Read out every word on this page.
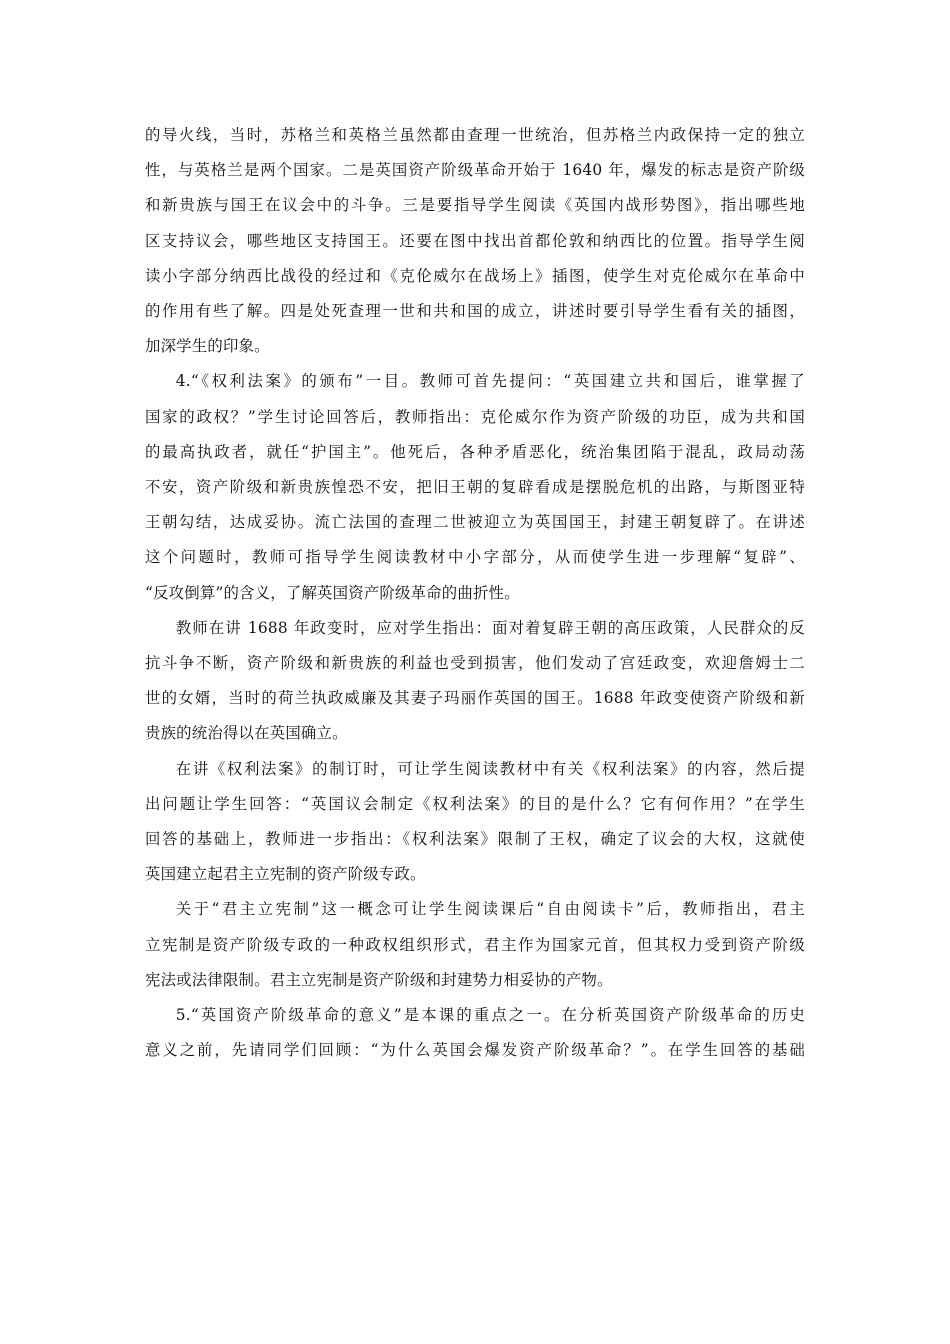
的导火线，当时，苏格兰和英格兰虽然都由查理一世统治，但苏格兰内政保持一定的独立
性，与英格兰是两个国家。二是英国资产阶级革命开始于 1640 年，爆发的标志是资产阶级
和新贵族与国王在议会中的斗争。三是要指导学生阅读《英国内战形势图》，指出哪些地
区支持议会，哪些地区支持国王。还要在图中找出首都伦敦和纳西比的位置。指导学生阅
读小字部分纳西比战役的经过和《克伦威尔在战场上》插图，使学生对克伦威尔在革命中
的作用有些了解。四是处死查理一世和共和国的成立，讲述时要引导学生看有关的插图，
加深学生的印象。

4.“《权利法案》的颁布”一目。教师可首先提问：“英国建立共和国后，谁掌握了
国家的政权？”学生讨论回答后，教师指出：克伦威尔作为资产阶级的功臣，成为共和国
的最高执政者，就任“护国主”。他死后，各种矛盾恶化，统治集团陷于混乱，政局动荡
不安，资产阶级和新贵族惶恐不安，把旧王朝的复辟看成是摆脱危机的出路，与斯图亚特
王朝勾结，达成妥协。流亡法国的查理二世被迎立为英国国王，封建王朝复辟了。在讲述
这个问题时，教师可指导学生阅读教材中小字部分，从而使学生进一步理解“复辟”、
“反攻倒算”的含义，了解英国资产阶级革命的曲折性。

教师在讲 1688 年政变时，应对学生指出：面对着复辟王朝的高压政策，人民群众的反
抗斗争不断，资产阶级和新贵族的利益也受到损害，他们发动了宫廷政变，欢迎詹姆士二
世的女婿，当时的荷兰执政威廉及其妻子玛丽作英国的国王。1688 年政变使资产阶级和新
贵族的统治得以在英国确立。

在讲《权利法案》的制订时，可让学生阅读教材中有关《权利法案》的内容，然后提
出问题让学生回答：“英国议会制定《权利法案》的目的是什么？它有何作用？”在学生
回答的基础上，教师进一步指出：《权利法案》限制了王权，确定了议会的大权，这就使
英国建立起君主立宪制的资产阶级专政。

关于“君主立宪制”这一概念可让学生阅读课后“自由阅读卡”后，教师指出，君主
立宪制是资产阶级专政的一种政权组织形式，君主作为国家元首，但其权力受到资产阶级
宪法或法律限制。君主立宪制是资产阶级和封建势力相妥协的产物。

5.“英国资产阶级革命的意义”是本课的重点之一。在分析英国资产阶级革命的历史
意义之前，先请同学们回顾：“为什么英国会爆发资产阶级革命？”。在学生回答的基础
